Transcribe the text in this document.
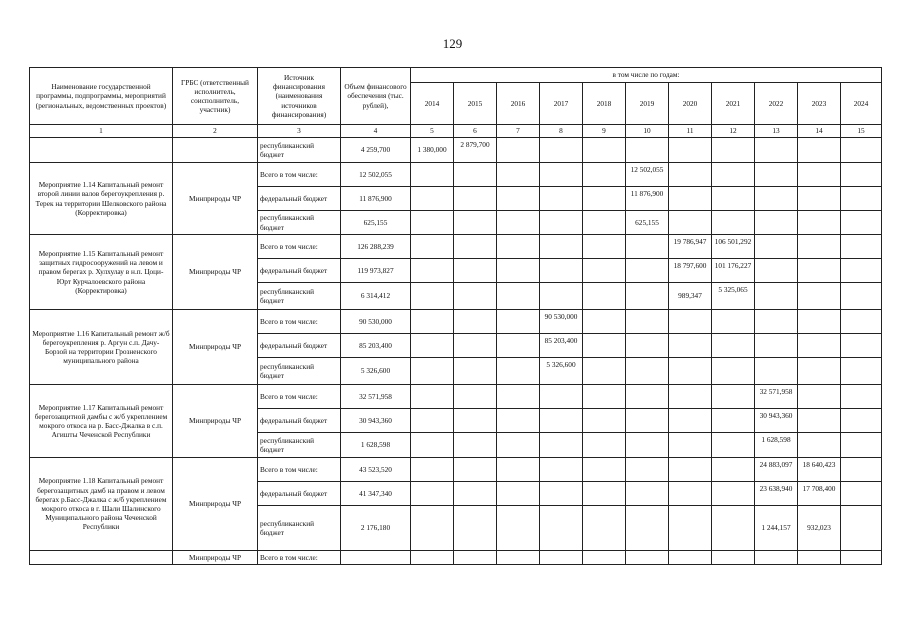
129
Наименование государственной программы, подпрограммы, мероприятий (региональных, ведомственных проектов)	ГРБС (ответственный исполнитель, соисполнитель, участник)	Источник финансирования (наименования источников финансирования)	Объем финансового обеспечения (тыс. рублей),	в том числе по годам:										
				2014	2015	2016	2017	2018	2019	2020	2021	2022	2023	2024
1	2	3	4	5	6	7	8	9	10	11	12	13	14	15
		республиканский бюджет	4 259,700	1 380,000	2 879,700									
Мероприятие 1.14 Капитальный ремонт второй линии валов берегоукрепления р. Терек на территории Шелковского района (Корректировка)	Минприроды ЧР	Всего в том числе:	12 502,055						12 502,055					
		федеральный бюджет	11 876,900						11 876,900					
		республиканский бюджет	625,155						625,155					
Мероприятие 1.15 Капитальный ремонт защитных гидросооружений на левом и правом берегах р. Хулхулау в н.п. Цоци-Юрт Курчалоевского района (Корректировка)	Минприроды ЧР	Всего в том числе:	126 288,239							19 786,947	106 501,292			
		федеральный бюджет	119 973,827							18 797,600	101 176,227			
		республиканский бюджет	6 314,412							989,347	5 325,065			
Мероприятие 1.16 Капитальный ремонт ж/б берегоукрепления р. Аргун с.п. Дачу-Борзой на территории Грозненского муниципального района	Минприроды ЧР	Всего в том числе:	90 530,000				90 530,000							
		федеральный бюджет	85 203,400				85 203,400							
		республиканский бюджет	5 326,600				5 326,600							
Мероприятие 1.17 Капитальный ремонт берегозащитной дамбы с ж/б укреплением мокрого откоса на р. Басс-Джалка в с.п. Агишты Чеченской Республики	Минприроды ЧР	Всего в том числе:	32 571,958									32 571,958		
		федеральный бюджет	30 943,360									30 943,360		
		республиканский бюджет	1 628,598									1 628,598		
Мероприятие 1.18 Капитальный ремонт берегозащитных дамб на правом и левом берегах р.Басс-Джалка с ж/б укреплением мокрого откоса в г. Шали Шалинского Муниципального района Чеченской Республики	Минприроды ЧР	Всего в том числе:	43 523,520									24 883,097	18 640,423	
		федеральный бюджет	41 347,340									23 638,940	17 708,400	
		республиканский бюджет	2 176,180									1 244,157	932,023	
	Минприроды ЧР	Всего в том числе:												
